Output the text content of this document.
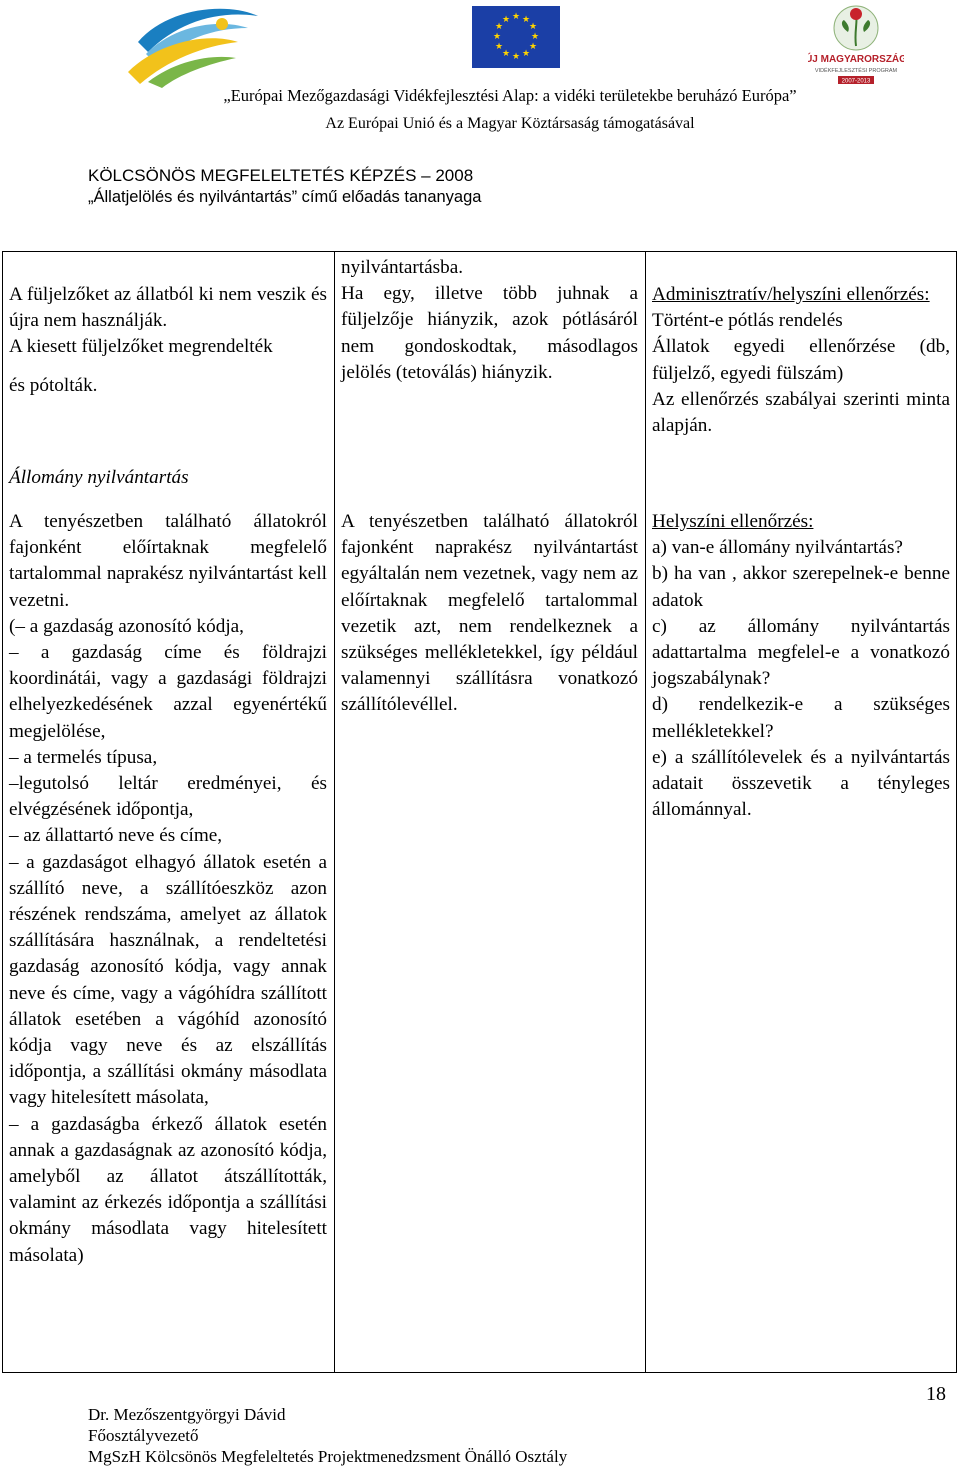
★ ★
★
★
★
★
★
★
★
★
★
★
ÚJ MAGYARORSZÁG
VIDÉKFEJLESZTÉSI PROGRAM
2007-2013
„Európai Mezőgazdasági Vidékfejlesztési Alap: a vidéki területekbe beruházó Európa”
Az Európai Unió és a Magyar Köztársaság támogatásával
KÖLCSÖNÖS MEGFELELTETÉS KÉPZÉS – 2008
„Állatjelölés és nyilvántartás” című előadás tananyaga

A füljelzőket az állatból ki nem veszik és újra nem használják.

A kiesett füljelzőket megrendelték

és pótolták.

Állomány nyilvántartás

nyilvántartásba.

Ha egy, illetve több juhnak a füljelzője hiányzik, azok pótlásáról nem gondoskodtak, másodlagos jelölés (tetoválás) hiányzik.

Adminisztratív/helyszíni ellenőrzés:

Történt-e pótlás rendelés

Állatok egyedi ellenőrzése (db, füljelző, egyedi fülszám)

Az ellenőrzés szabályai szerinti minta alapján.

A tenyészetben található állatokról fajonként előírtaknak megfelelő tartalommal naprakész nyilvántartást kell vezetni.

(– a gazdaság azonosító kódja,

– a gazdaság címe és földrajzi koordinátái, vagy a gazdasági földrajzi elhelyezkedésének azzal egyenértékű megjelölése,

– a termelés típusa,

–legutolsó leltár eredményei, és elvégzésének időpontja,

– az állattartó neve és címe,

– a gazdaságot elhagyó állatok esetén a szállító neve, a szállítóeszköz azon részének rendszáma, amelyet az állatok szállítására használnak, a rendeltetési gazdaság azonosító kódja, vagy annak neve és címe, vagy a vágóhídra szállított állatok esetében a vágóhíd azonosító kódja vagy neve és az elszállítás időpontja, a szállítási okmány másodlata vagy hitelesített másolata,

– a gazdaságba érkező állatok esetén annak a gazdaságnak az azonosító kódja, amelyből az állatot átszállították, valamint az érkezés időpontja a szállítási okmány másodlata vagy hitelesített másolata)

A tenyészetben található állatokról fajonként naprakész nyilvántartást egyáltalán nem vezetnek, vagy nem az előírtaknak megfelelő tartalommal vezetik azt, nem rendelkeznek a szükséges mellékletekkel, így például valamennyi szállításra vonatkozó szállítólevéllel.

Helyszíni ellenőrzés:

a) van-e állomány nyilvántartás?

b) ha van , akkor szerepelnek-e benne adatok

c) az állomány nyilvántartás adattartalma megfelel-e a vonatkozó jogszabálynak?

d) rendelkezik-e a szükséges mellékletekkel?

e) a szállítólevelek és a nyilvántartás adatait összevetik a tényleges állománnyal.

18
Dr. Mezőszentgyörgyi Dávid
Főosztályvezető
MgSzH Kölcsönös Megfeleltetés Projektmenedzsment Önálló Osztály
